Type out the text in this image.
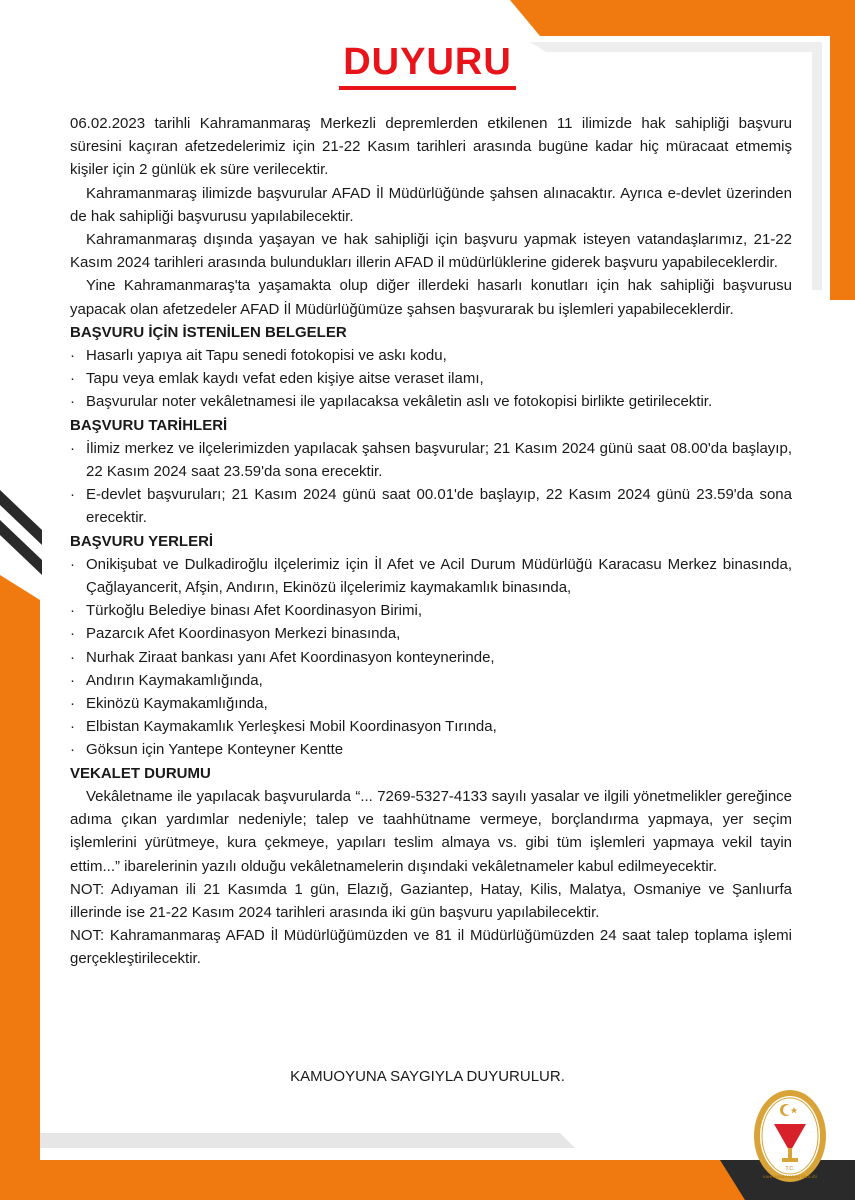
DUYURU

06.02.2023 tarihli Kahramanmaraş Merkezli depremlerden etkilenen 11 ilimizde hak sahipliği başvuru süresini kaçıran afetzedelerimiz için 21-22 Kasım tarihleri arasında bugüne kadar hiç müracaat etmemiş kişiler için 2 günlük ek süre verilecektir.

Kahramanmaraş ilimizde başvurular AFAD İl Müdürlüğünde şahsen alınacaktır. Ayrıca e-devlet üzerinden de hak sahipliği başvurusu yapılabilecektir.

Kahramanmaraş dışında yaşayan ve hak sahipliği için başvuru yapmak isteyen vatandaşlarımız, 21-22 Kasım 2024 tarihleri arasında bulundukları illerin AFAD il müdürlüklerine giderek başvuru yapabileceklerdir.

Yine Kahramanmaraş'ta yaşamakta olup diğer illerdeki hasarlı konutları için hak sahipliği başvurusu yapacak olan afetzedeler AFAD İl Müdürlüğümüze şahsen başvurarak bu işlemleri yapabileceklerdir.

BAŞVURU İÇİN İSTENİLEN BELGELER

· Hasarlı yapıya ait Tapu senedi fotokopisi ve askı kodu,

· Tapu veya emlak kaydı vefat eden kişiye aitse veraset ilamı,

· Başvurular noter vekâletnamesi ile yapılacaksa vekâletin aslı ve fotokopisi birlikte getirilecektir.

BAŞVURU TARİHLERİ

· İlimiz merkez ve ilçelerimizden yapılacak şahsen başvurular; 21 Kasım 2024 günü saat 08.00'da başlayıp, 22 Kasım 2024 saat 23.59'da sona erecektir.

· E-devlet başvuruları; 21 Kasım 2024 günü saat 00.01'de başlayıp, 22 Kasım 2024 günü 23.59'da sona erecektir.

BAŞVURU YERLERİ

· Onikişubat ve Dulkadiroğlu ilçelerimiz için İl Afet ve Acil Durum Müdürlüğü Karacasu Merkez binasında, Çağlayancerit, Afşin, Andırın, Ekinözü ilçelerimiz kaymakamlık binasında,

· Türkoğlu Belediye binası Afet Koordinasyon Birimi,

· Pazarcık Afet Koordinasyon Merkezi binasında,

· Nurhak Ziraat bankası yanı Afet Koordinasyon konteynerinde,

· Andırın Kaymakamlığında,

· Ekinözü Kaymakamlığında,

· Elbistan Kaymakamlık Yerleşkesi Mobil Koordinasyon Tırında,

· Göksun için Yantepe Konteyner Kentte

VEKALET DURUMU

Vekâletname ile yapılacak başvurularda “... 7269-5327-4133 sayılı yasalar ve ilgili yönetmelikler gereğince adıma çıkan yardımlar nedeniyle; talep ve taahhütname vermeye, borçlandırma yapmaya, yer seçim işlemlerini yürütmeye, kura çekmeye, yapıları teslim almaya vs. gibi tüm işlemleri yapmaya vekil tayin ettim...” ibarelerinin yazılı olduğu vekâletnamelerin dışındaki vekâletnameler kabul edilmeyecektir.

NOT: Adıyaman ili 21 Kasımda 1 gün, Elazığ, Gaziantep, Hatay, Kilis, Malatya, Osmaniye ve Şanlıurfa illerinde ise 21-22 Kasım 2024 tarihleri arasında iki gün başvuru yapılabilecektir.

NOT: Kahramanmaraş AFAD İl Müdürlüğümüzden ve 81 il Müdürlüğümüzden 24 saat talep toplama işlemi gerçekleştirilecektir.

KAMUOYUNA SAYGIYLA DUYURULUR.
T.C.
KAHRAMANMARAŞ VALİLİĞİ
